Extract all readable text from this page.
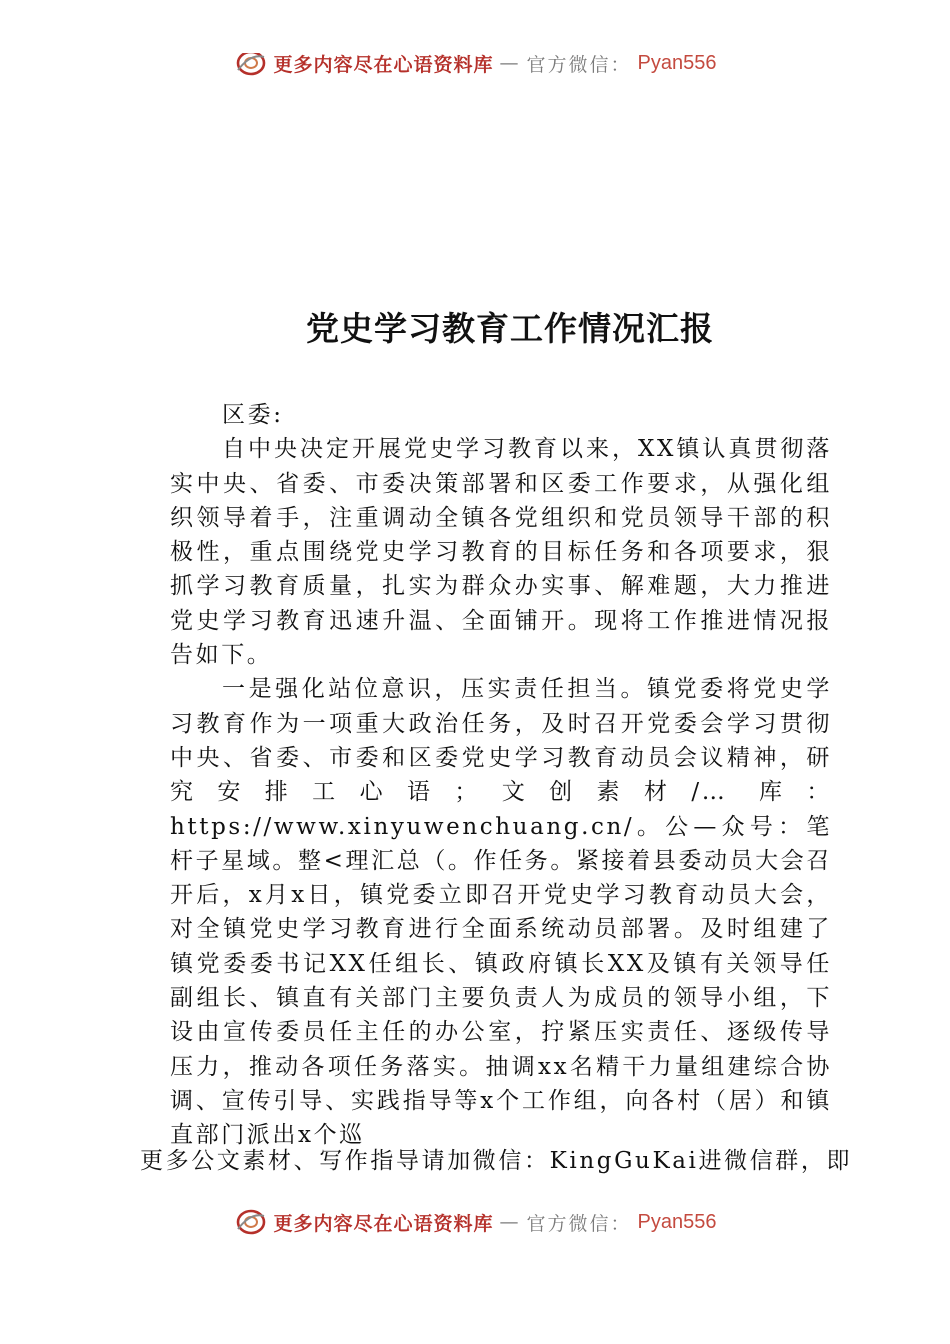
更多内容尽在心语资料库 — 官方微信： Pyan556
党史学习教育工作情况汇报

区委:

自中央决定开展党史学习教育以来，XX镇认真贯彻落实中央、省委、市委决策部署和区委工作要求，从强化组织领导着手，注重调动全镇各党组织和党员领导干部的积极性，重点围绕党史学习教育的目标任务和各项要求，狠抓学习教育质量，扎实为群众办实事、解难题，大力推进党史学习教育迅速升温、全面铺开。现将工作推进情况报告如下。

一是强化站位意识，压实责任担当。镇党委将党史学习教育作为一项重大政治任务，及时召开党委会学习贯彻中央、省委、市委和区委党史学习教育动员会议精神，研究安排工心语；文创素材/… 库：https://www.xinyuwenchuang.cn/。公—众号：笔杆子星域。整<理汇总（。作任务。紧接着县委动员大会召开后，x月x日，镇党委立即召开党史学习教育动员大会，对全镇党史学习教育进行全面系统动员部署。及时组建了镇党委委书记XX任组长、镇政府镇长XX及镇有关领导任副组长、镇直有关部门主要负责人为成员的领导小组，下设由宣传委员任主任的办公室，拧紧压实责任、逐级传导压力，推动各项任务落实。抽调xx名精干力量组建综合协调、宣传引导、实践指导等x个工作组，向各村（居）和镇直部门派出x个巡

更多公文素材、写作指导请加微信：KingGuKai进微信群，即

更多内容尽在心语资料库 — 官方微信： Pyan556
